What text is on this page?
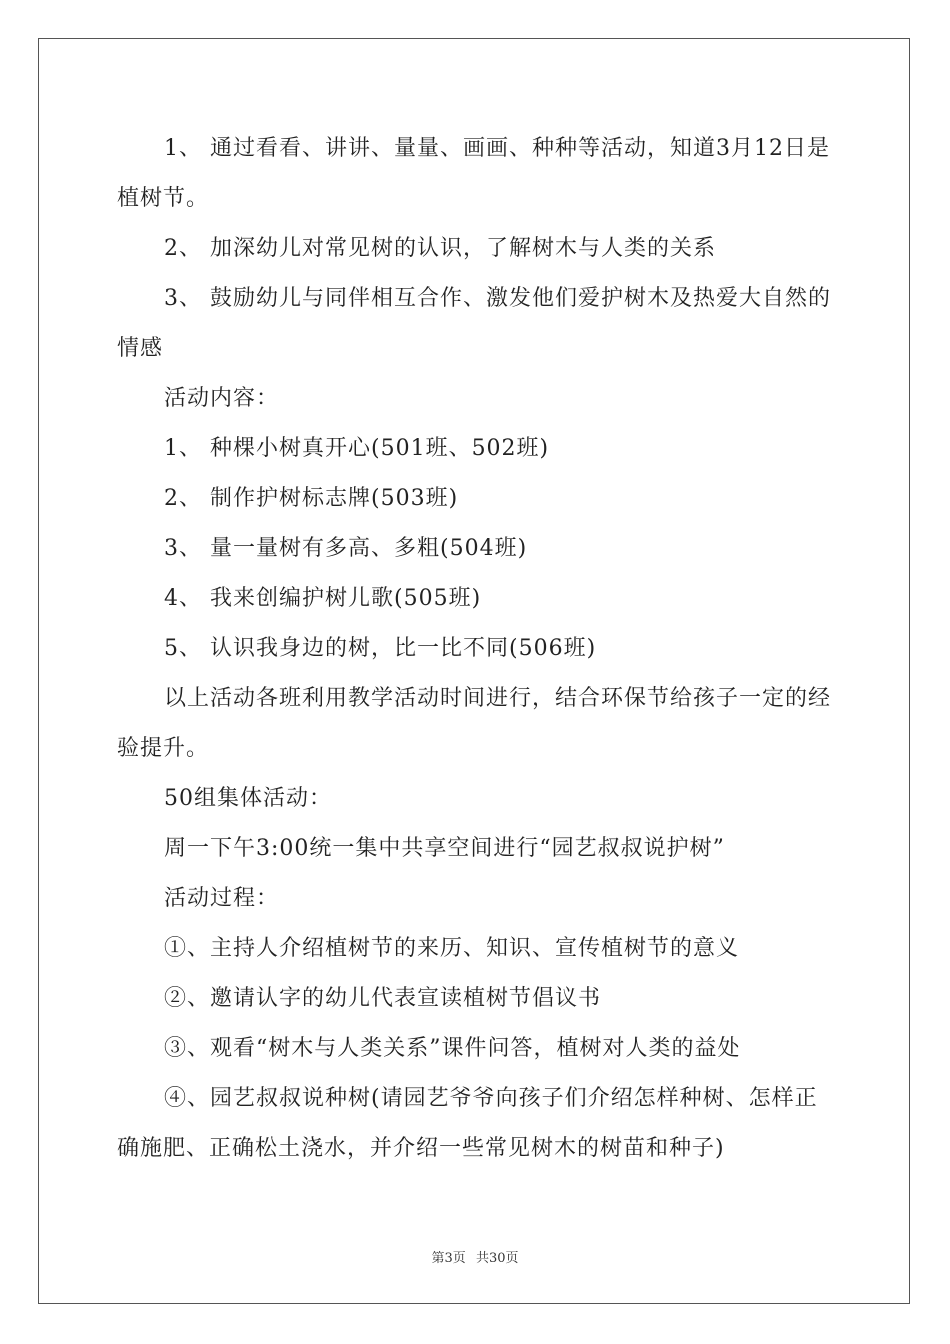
1、 通过看看、讲讲、量量、画画、种种等活动，知道3月12日是植树节。

2、 加深幼儿对常见树的认识，了解树木与人类的关系

3、 鼓励幼儿与同伴相互合作、激发他们爱护树木及热爱大自然的情感

活动内容：

1、 种棵小树真开心(501班、502班)

2、 制作护树标志牌(503班)

3、 量一量树有多高、多粗(504班)

4、 我来创编护树儿歌(505班)

5、 认识我身边的树，比一比不同(506班)

以上活动各班利用教学活动时间进行，结合环保节给孩子一定的经验提升。

50组集体活动：

周一下午3:00统一集中共享空间进行“园艺叔叔说护树”

活动过程：

①、主持人介绍植树节的来历、知识、宣传植树节的意义

②、邀请认字的幼儿代表宣读植树节倡议书

③、观看“树木与人类关系”课件问答，植树对人类的益处

④、园艺叔叔说种树(请园艺爷爷向孩子们介绍怎样种树、怎样正确施肥、正确松土浇水，并介绍一些常见树木的树苗和种子)

第3页 共30页
